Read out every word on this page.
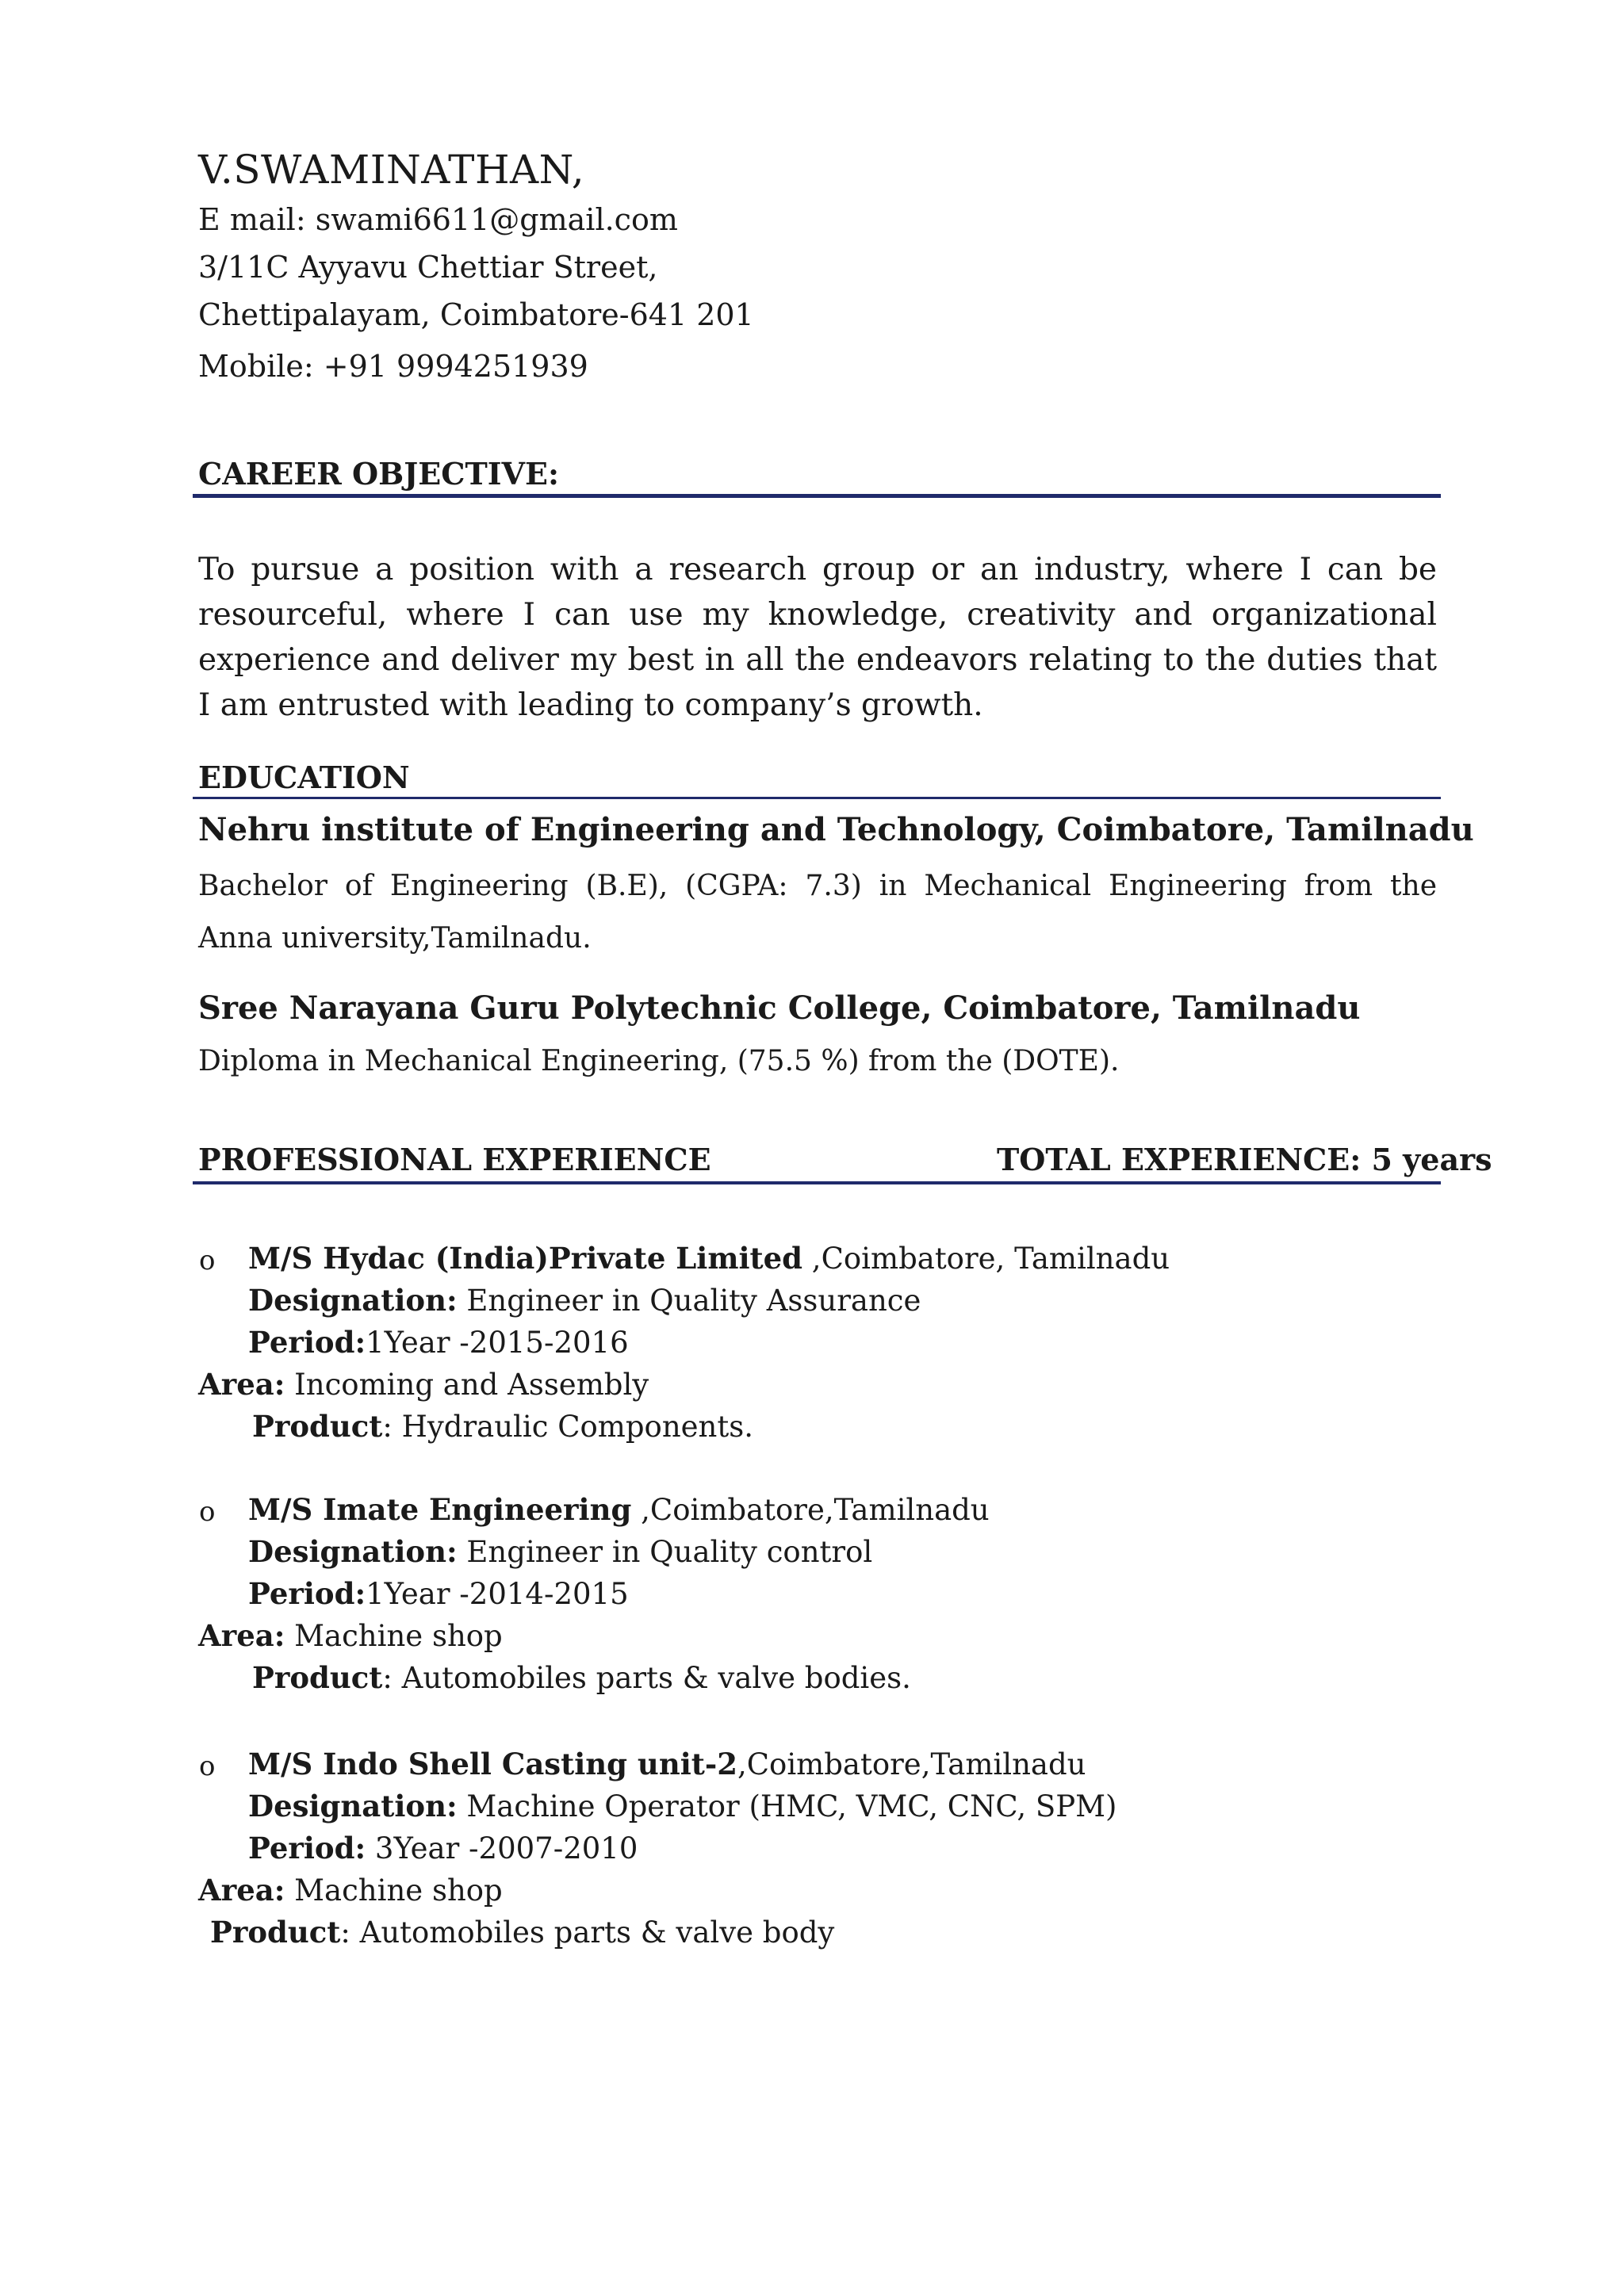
V.SWAMINATHAN,
E mail: swami6611@gmail.com
3/11C Ayyavu Chettiar Street,
Chettipalayam, Coimbatore-641 201
Mobile: +91 9994251939
CAREER OBJECTIVE:
To pursue a position with a research group or an industry, where I can be resourceful, where I can use my knowledge, creativity and organizational experience and deliver my best in all the endeavors relating to the duties that I am entrusted with leading to company’s growth.
EDUCATION
Nehru institute of Engineering and Technology, Coimbatore, Tamilnadu
Bachelor of Engineering (B.E), (CGPA: 7.3) in Mechanical Engineering from the Anna university,Tamilnadu.
Sree Narayana Guru Polytechnic College, Coimbatore, Tamilnadu
Diploma in Mechanical Engineering, (75.5 %) from the (DOTE).
PROFESSIONAL EXPERIENCE	TOTAL EXPERIENCE: 5 years
o M/S Hydac (India)Private Limited ,Coimbatore, Tamilnadu
Designation: Engineer in Quality Assurance
Period:1Year -2015-2016
Area: Incoming and Assembly
Product: Hydraulic Components.
o M/S Imate Engineering ,Coimbatore,Tamilnadu
Designation: Engineer in Quality control
Period:1Year -2014-2015
Area: Machine shop
Product: Automobiles parts & valve bodies.
o M/S Indo Shell Casting unit-2,Coimbatore,Tamilnadu
Designation: Machine Operator (HMC, VMC, CNC, SPM)
Period: 3Year -2007-2010
Area: Machine shop
Product: Automobiles parts & valve body
